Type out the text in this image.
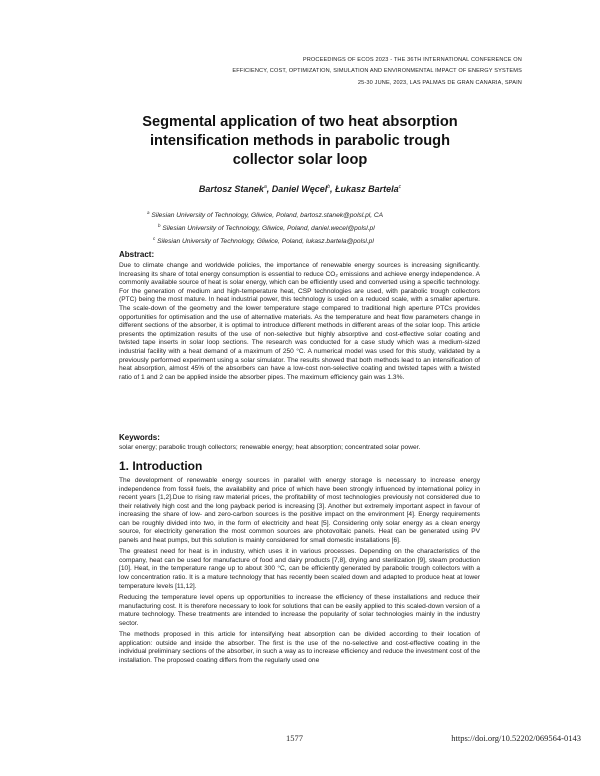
PROCEEDINGS OF ECOS 2023 - THE 36TH INTERNATIONAL CONFERENCE ON
EFFICIENCY, COST, OPTIMIZATION, SIMULATION AND ENVIRONMENTAL IMPACT OF ENERGY SYSTEMS
25-30 JUNE, 2023, LAS PALMAS DE GRAN CANARIA, SPAIN
Segmental application of two heat absorption
intensification methods in parabolic trough
collector solar loop
Bartosz Stanek$^a$, Daniel Węcel$^b$, Łukasz Bartela$^c$
$^a$ Silesian University of Technology, Gliwice, Poland, bartosz.stanek@polsl.pl, CA
$^b$ Silesian University of Technology, Gliwice, Poland, daniel.wecel@polsl.pl
$^c$ Silesian University of Technology, Gliwice, Poland, lukasz.bartela@polsl.pl
Abstract:
Due to climate change and worldwide policies, the importance of renewable energy sources is increasing significantly. Increasing its share of total energy consumption is essential to reduce CO₂ emissions and achieve energy independence. A commonly available source of heat is solar energy, which can be efficiently used and converted using a specific technology. For the generation of medium and high-temperature heat, CSP technologies are used, with parabolic trough collectors (PTC) being the most mature. In heat industrial power, this technology is used on a reduced scale, with a smaller aperture. The scale-down of the geometry and the lower temperature stage compared to traditional high aperture PTCs provides opportunities for optimisation and the use of alternative materials. As the temperature and heat flow parameters change in different sections of the absorber, it is optimal to introduce different methods in different areas of the solar loop. This article presents the optimization results of the use of non-selective but highly absorptive and cost-effective solar coating and twisted tape inserts in solar loop sections. The research was conducted for a case study which was a medium-sized industrial facility with a heat demand of a maximum of 250 °C. A numerical model was used for this study, validated by a previously performed experiment using a solar simulator. The results showed that both methods lead to an intensification of heat absorption, almost 45% of the absorbers can have a low-cost non-selective coating and twisted tapes with a twisted ratio of 1 and 2 can be applied inside the absorber pipes. The maximum efficiency gain was 1.3%.
Keywords:
solar energy; parabolic trough collectors; renewable energy; heat absorption; concentrated solar power.
1. Introduction

The development of renewable energy sources in parallel with energy storage is necessary to increase energy independence from fossil fuels, the availability and price of which have been strongly influenced by international policy in recent years [1,2].Due to rising raw material prices, the profitability of most technologies previously not considered due to their relatively high cost and the long payback period is increasing [3]. Another but extremely important aspect in favour of increasing the share of low- and zero-carbon sources is the positive impact on the environment [4]. Energy requirements can be roughly divided into two, in the form of electricity and heat [5]. Considering only solar energy as a clean energy source, for electricity generation the most common sources are photovoltaic panels. Heat can be generated using PV panels and heat pumps, but this solution is mainly considered for small domestic installations [6].

The greatest need for heat is in industry, which uses it in various processes. Depending on the characteristics of the company, heat can be used for manufacture of food and dairy products [7,8], drying and sterilization [9], steam production [10]. Heat, in the temperature range up to about 300 °C, can be efficiently generated by parabolic trough collectors with a low concentration ratio. It is a mature technology that has recently been scaled down and adapted to produce heat at lower temperature levels [11,12].

Reducing the temperature level opens up opportunities to increase the efficiency of these installations and reduce their manufacturing cost. It is therefore necessary to look for solutions that can be easily applied to this scaled-down version of a mature technology. These treatments are intended to increase the popularity of solar technologies mainly in the industry sector.

The methods proposed in this article for intensifying heat absorption can be divided according to their location of application: outside and inside the absorber. The first is the use of the no-selective and cost-effective coating in the individual preliminary sections of the absorber, in such a way as to increase efficiency and reduce the investment cost of the installation. The proposed coating differs from the regularly used one

1577	https://doi.org/10.52202/069564-0143
